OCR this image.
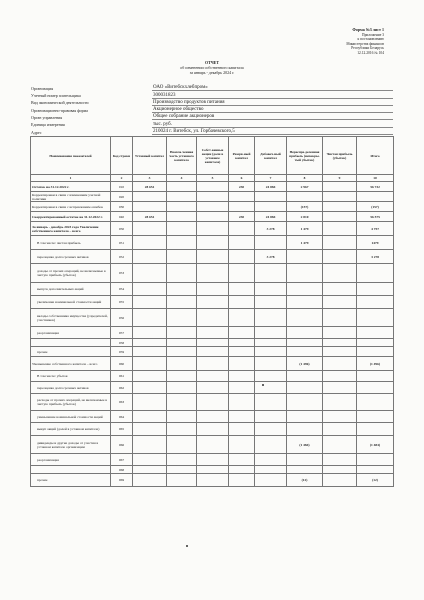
Форма №3 лист 1
Приложение 3
к постановлению
Министерства финансов
Республики Беларусь
12.12.2016 № 104
ОТЧЕТ
об изменении собственного капитала
за январь - декабрь 2024 г.
Организация	ОАО «Витебскхлебпром»
Учетный номер плательщика	300031823
Вид экономической деятельности	Производство продуктов питания
Организационно-правовая форма	Акционерное общество
Орган управления	Общее собрание акционеров
Единица измерения	тыс. руб.
Адрес	210024 г. Витебск, ул. Горбачевского,5
Наименование показателей	Код строки	Уставный капитал	Неопла-ченная часть уставного капитала	Собст-венные акции (доли в уставном капитале)	Резерв-ный капитал	Добавоч-ный капитал	Нераспре-деленная прибыль (непокры-тый убыток)	Чистая прибыль (убыток)	Итого
1	2	3	4	5	6	7	8	9	10
Остаток на 31.12.2022 г.	010	28 651			230	24 884	2 967		56 732
Корректировки в связи с изменением учетной политики	020								
Корректировки в связи с исправлением ошибок	030						(157)		(157)
Скорректированный остаток на 31.12.2022 г.	040	28 651			230	24 884	2 810		56 575
За январь - декабрь 2023 года Увеличение собственного капитала – всего	050					3 278	1 479		4 757
В том числе: чистая прибыль	051						1 479		1479
переоценка долгосрочных активов	052					3 278			3 278
доходы от прочих операций, не включаемые в чистую прибыль (убыток)	053								
выпуск дополнительных акций	054								
увеличение номинальной стоимости акций	055								
вклады собственника имущества (учредителей, участников)	056								
реорганизация	057								
	058								
прочие	059								
Уменьшение собственного капитала – всего	060						(1 496)		(1 496)
В том числе: убыток	061								
переоценка долгосрочных активов	062								
расходы от прочих операций, не включаемые в чистую прибыль (убыток)	063								
уменьшение номинальной стоимости акций	064								
выкуп акций (долей в уставном капитале)	065								
дивиденды и другие доходы от участия в уставном капитале организации	066						(1 484)		(1 484)
реорганизация	067								
	068								
прочие	069						(12)		(12)
